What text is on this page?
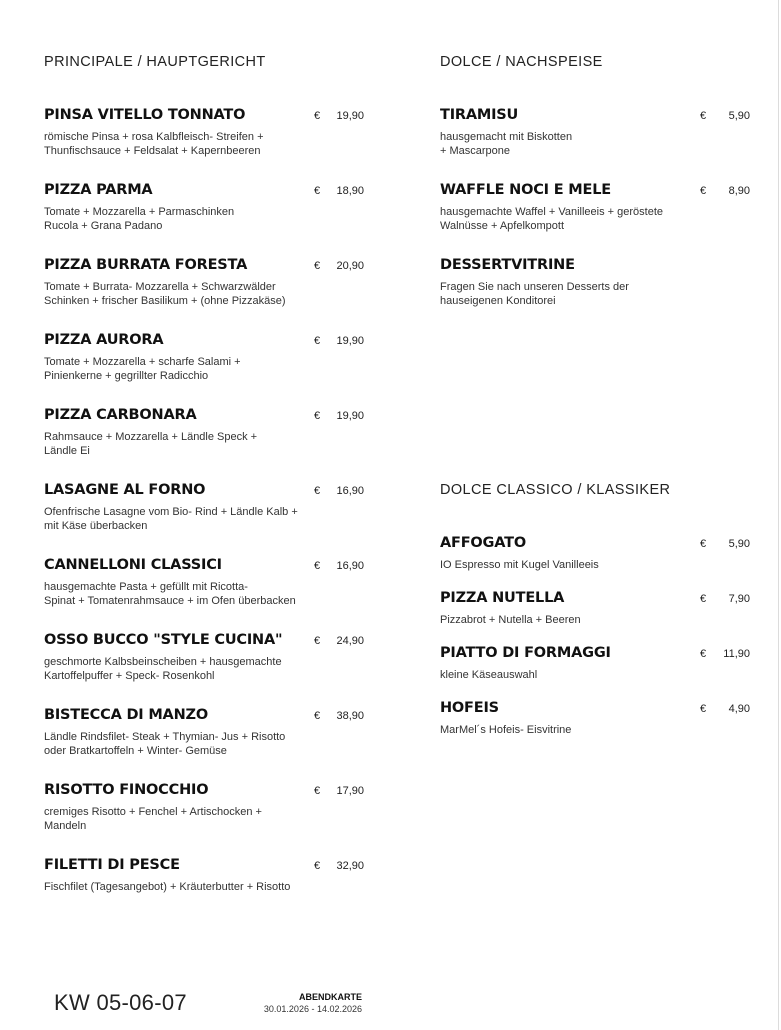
PRINCIPALE / HAUPTGERICHT
PINSA VITELLO TONNATO	€ 19,90
römische Pinsa + rosa Kalbfleisch- Streifen +
Thunfischsauce + Feldsalat + Kapernbeeren
PIZZA PARMA	€ 18,90
Tomate + Mozzarella + Parmaschinken
Rucola + Grana Padano
PIZZA BURRATA FORESTA	€ 20,90
Tomate + Burrata- Mozzarella + Schwarzwälder
Schinken + frischer Basilikum + (ohne Pizzakäse)
PIZZA AURORA	€ 19,90
Tomate + Mozzarella + scharfe Salami +
Pinienkerne + gegrillter Radicchio
PIZZA CARBONARA	€ 19,90
Rahmsauce + Mozzarella + Ländle Speck +
Ländle Ei
LASAGNE AL FORNO	€ 16,90
Ofenfrische Lasagne vom Bio- Rind + Ländle Kalb +
mit Käse überbacken
CANNELLONI CLASSICI	€ 16,90
hausgemachte Pasta + gefüllt mit Ricotta-
Spinat + Tomatenrahmsauce + im Ofen überbacken
OSSO BUCCO "STYLE CUCINA"	€ 24,90
geschmorte Kalbsbeinscheiben + hausgemachte
Kartoffelpuffer + Speck- Rosenkohl
BISTECCA DI MANZO	€ 38,90
Ländle Rindsfilet- Steak + Thymian- Jus + Risotto
oder Bratkartoffeln + Winter- Gemüse
RISOTTO FINOCCHIO	€ 17,90
cremiges Risotto + Fenchel + Artischocken +
Mandeln
FILETTI DI PESCE	€ 32,90
Fischfilet (Tagesangebot) + Kräuterbutter + Risotto
DOLCE / NACHSPEISE
TIRAMISU	€ 5,90
hausgemacht mit Biskotten
+ Mascarpone
WAFFLE NOCI E MELE	€ 8,90
hausgemachte Waffel + Vanilleeis + geröstete
Walnüsse + Apfelkompott
DESSERTVITRINE
Fragen Sie nach unseren Desserts der
hauseigenen Konditorei
DOLCE CLASSICO / KLASSIKER
AFFOGATO	€ 5,90
IO Espresso mit Kugel Vanilleeis
PIZZA NUTELLA	€ 7,90
Pizzabrot + Nutella + Beeren
PIATTO DI FORMAGGI	€ 11,90
kleine Käseauswahl
HOFEIS	€ 4,90
MarMel´s Hofeis- Eisvitrine
KW 05-06-07	ABENDKARTE
30.01.2026 - 14.02.2026
